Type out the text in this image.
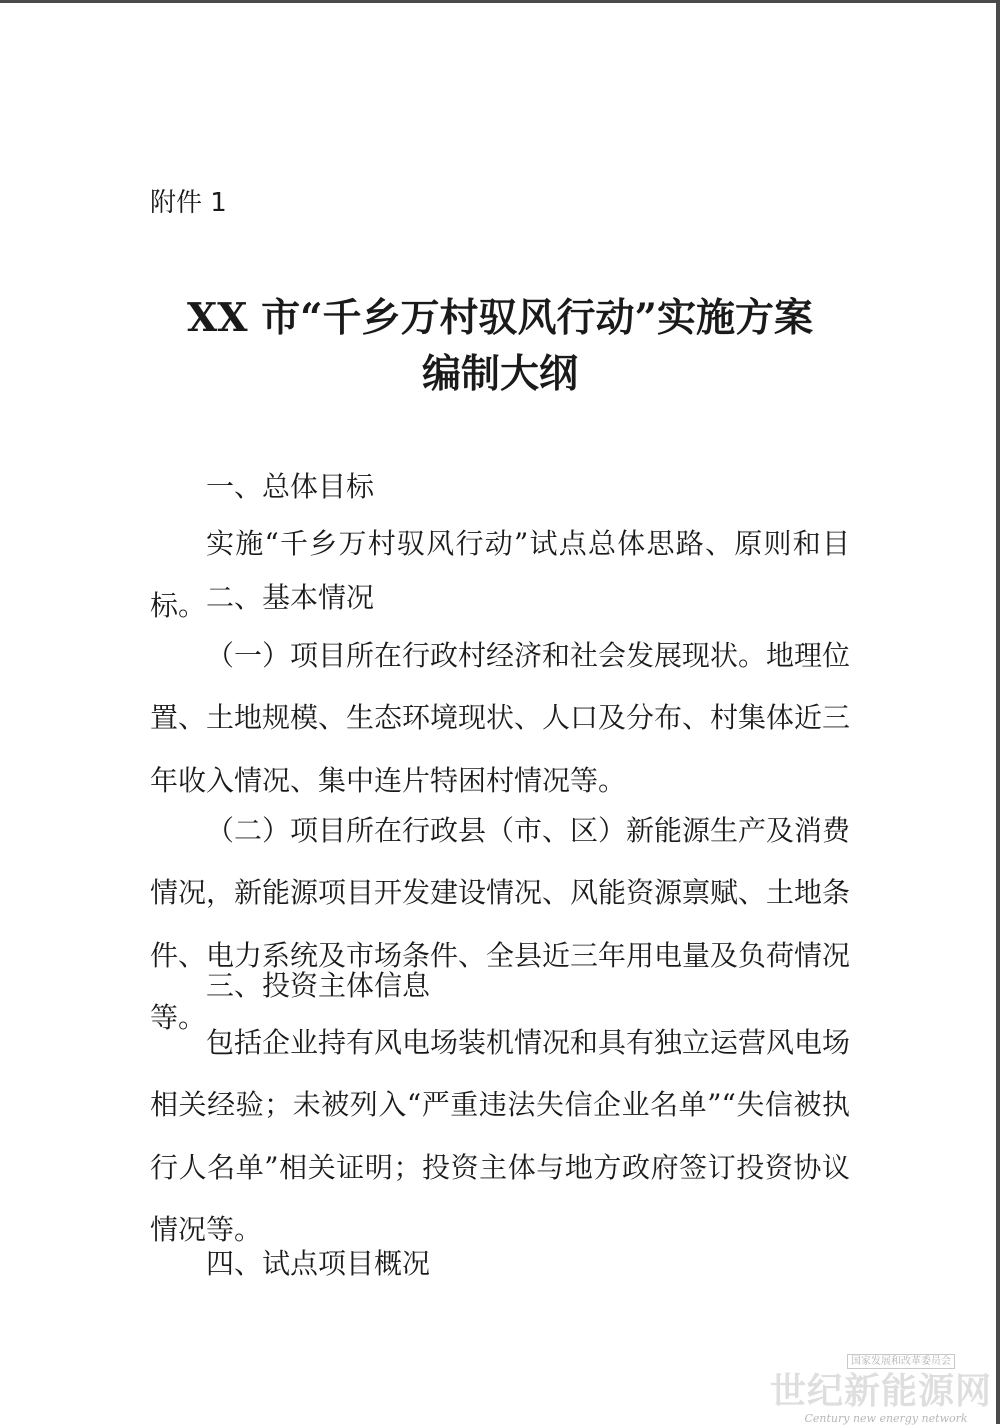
附件 1
XX 市“千乡万村驭风行动”实施方案
编制大纲
一、总体目标

实施“千乡万村驭风行动”试点总体思路、原则和目标。 二、基本情况

（一）项目所在行政村经济和社会发展现状。地理位置、土地规模、生态环境现状、人口及分布、村集体近三年收入情况、集中连片特困村情况等。

（二）项目所在行政县（市、区）新能源生产及消费情况，新能源项目开发建设情况、风能资源禀赋、土地条件、电力系统及市场条件、全县近三年用电量及负荷情况等。

三、投资主体信息

包括企业持有风电场装机情况和具有独立运营风电场相关经验；未被列入“严重违法失信企业名单”“失信被执行人名单”相关证明；投资主体与地方政府签订投资协议情况等。

四、试点项目概况
国家发展和改革委员会
世纪新能源网
Century new energy network
